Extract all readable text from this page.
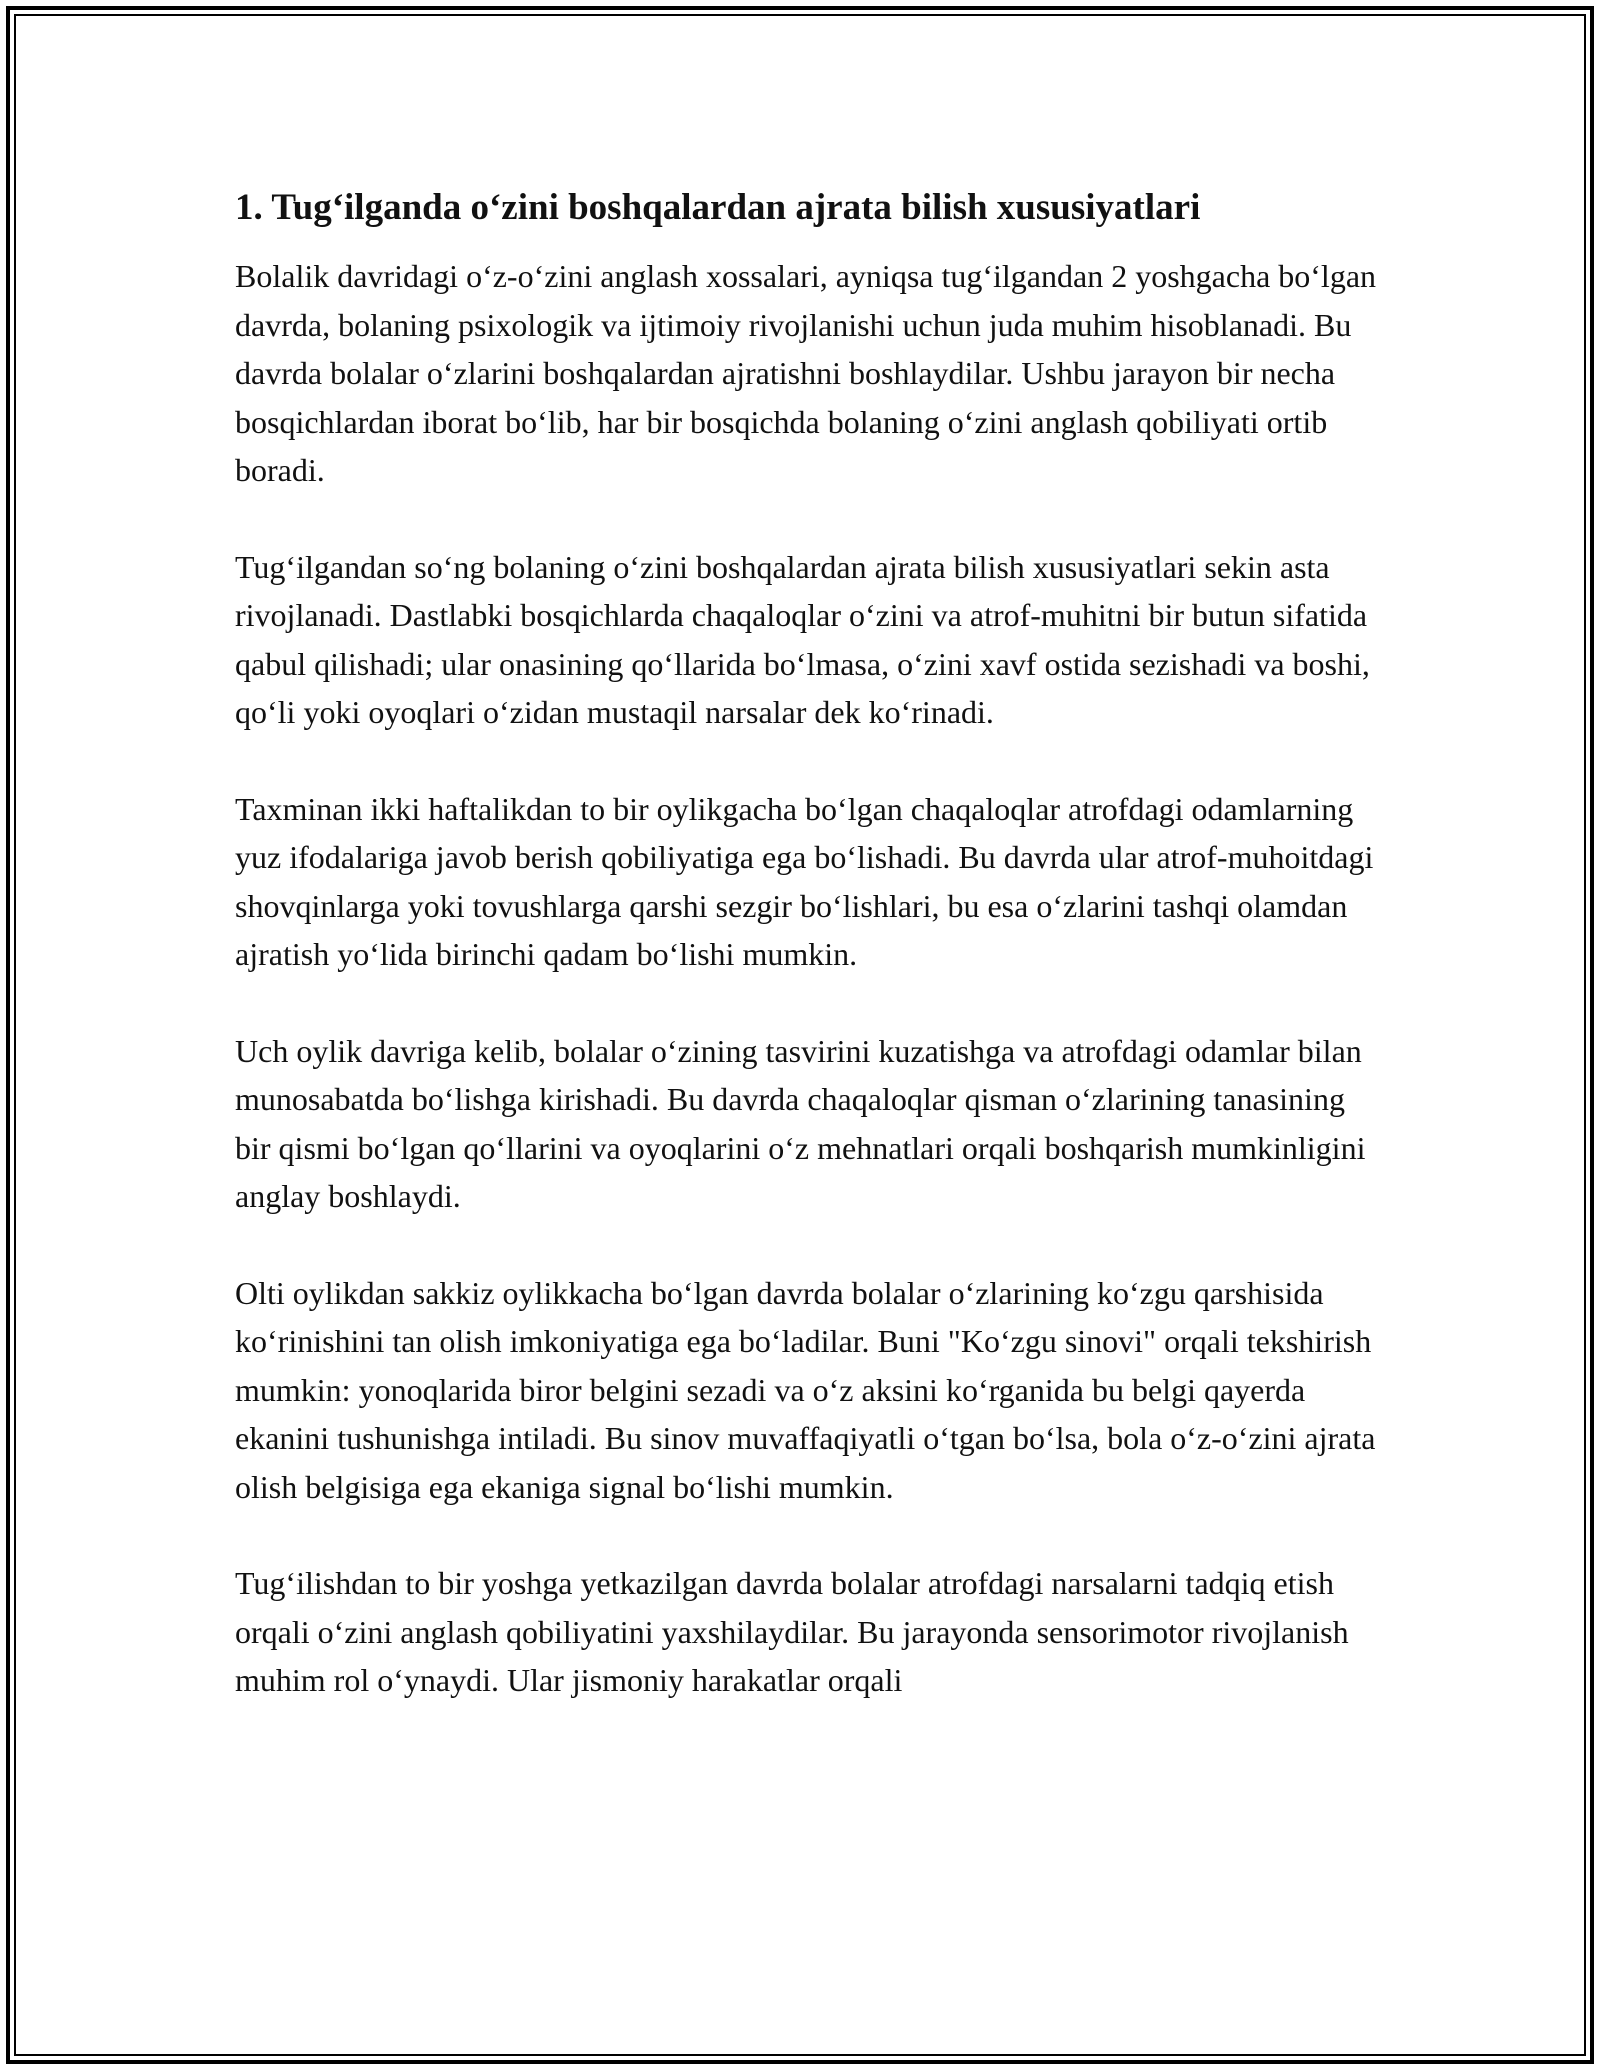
1. Tug‘ilganda o‘zini boshqalardan ajrata bilish xususiyatlari

Bolalik davridagi o‘z-o‘zini anglash xossalari, ayniqsa tug‘ilgandan 2 yoshgacha bo‘lgan davrda, bolaning psixologik va ijtimoiy rivojlanishi uchun juda muhim hisoblanadi. Bu davrda bolalar o‘zlarini boshqalardan ajratishni boshlaydilar. Ushbu jarayon bir necha bosqichlardan iborat bo‘lib, har bir bosqichda bolaning o‘zini anglash qobiliyati ortib boradi.

Tug‘ilgandan so‘ng bolaning o‘zini boshqalardan ajrata bilish xususiyatlari sekin asta rivojlanadi. Dastlabki bosqichlarda chaqaloqlar o‘zini va atrof-muhitni bir butun sifatida qabul qilishadi; ular onasining qo‘llarida bo‘lmasa, o‘zini xavf ostida sezishadi va boshi, qo‘li yoki oyoqlari o‘zidan mustaqil narsalar dek ko‘rinadi.

Taxminan ikki haftalikdan to bir oylikgacha bo‘lgan chaqaloqlar atrofdagi odamlarning yuz ifodalariga javob berish qobiliyatiga ega bo‘lishadi. Bu davrda ular atrof-muhoitdagi shovqinlarga yoki tovushlarga qarshi sezgir bo‘lishlari, bu esa o‘zlarini tashqi olamdan ajratish yo‘lida birinchi qadam bo‘lishi mumkin.

Uch oylik davriga kelib, bolalar o‘zining tasvirini kuzatishga va atrofdagi odamlar bilan munosabatda bo‘lishga kirishadi. Bu davrda chaqaloqlar qisman o‘zlarining tanasining bir qismi bo‘lgan qo‘llarini va oyoqlarini o‘z mehnatlari orqali boshqarish mumkinligini anglay boshlaydi.

Olti oylikdan sakkiz oylikkacha bo‘lgan davrda bolalar o‘zlarining ko‘zgu qarshisida ko‘rinishini tan olish imkoniyatiga ega bo‘ladilar. Buni "Ko‘zgu sinovi" orqali tekshirish mumkin: yonoqlarida biror belgini sezadi va o‘z aksini ko‘rganida bu belgi qayerda ekanini tushunishga intiladi. Bu sinov muvaffaqiyatli o‘tgan bo‘lsa, bola o‘z-o‘zini ajrata olish belgisiga ega ekaniga signal bo‘lishi mumkin.

Tug‘ilishdan to bir yoshga yetkazilgan davrda bolalar atrofdagi narsalarni tadqiq etish orqali o‘zini anglash qobiliyatini yaxshilaydilar. Bu jarayonda sensorimotor rivojlanish muhim rol o‘ynaydi. Ular jismoniy harakatlar orqali
